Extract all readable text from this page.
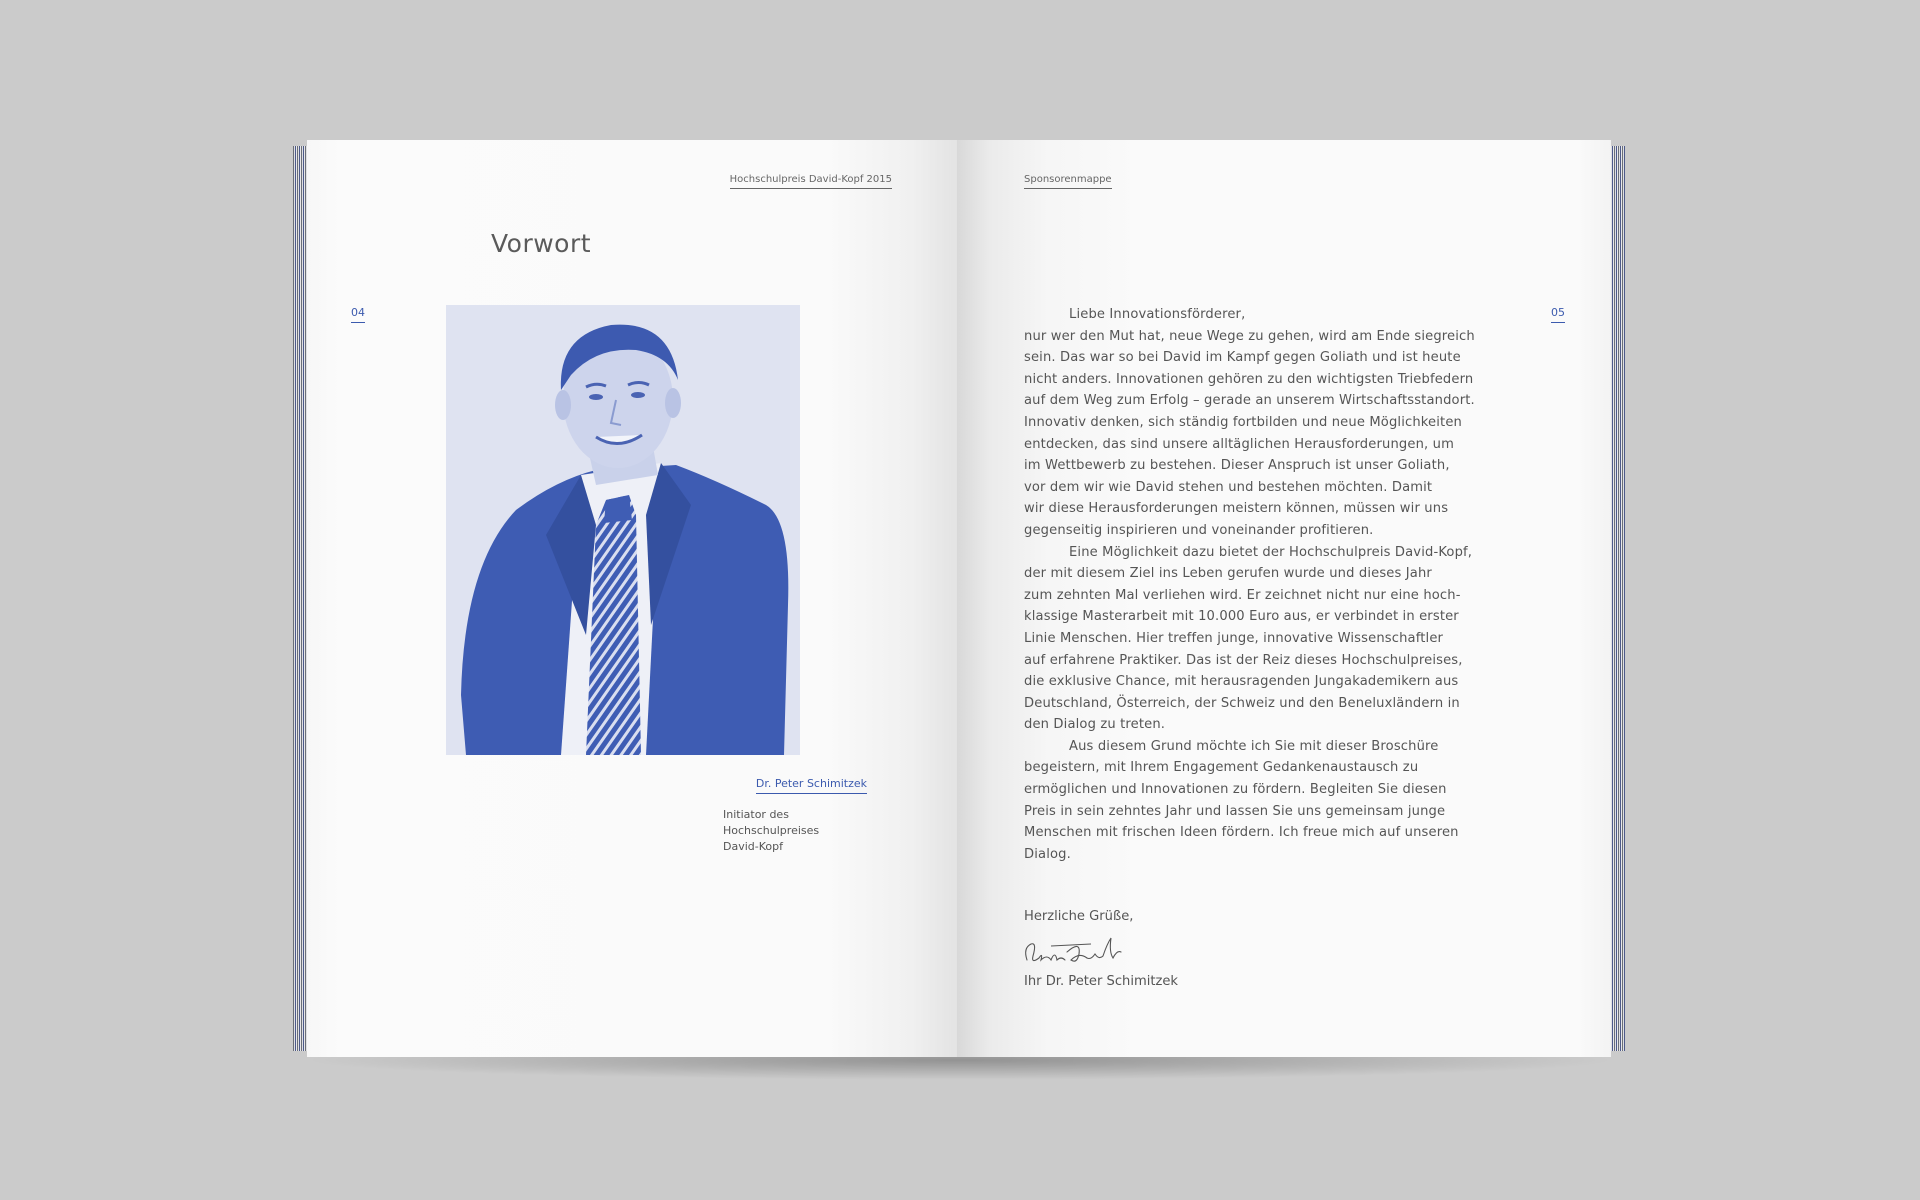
Hochschulpreis David-Kopf 2015
04
Vorwort
Dr. Peter Schimitzek
Initiator des
Hochschulpreises
David-Kopf
Sponsorenmappe
05
Liebe Innovationsförderer,
nur wer den Mut hat, neue Wege zu gehen, wird am Ende siegreich
sein. Das war so bei David im Kampf gegen Goliath und ist heute
nicht anders. Innovationen gehören zu den wichtigsten Triebfedern
auf dem Weg zum Erfolg – gerade an unserem Wirtschaftsstandort.
Innovativ denken, sich ständig fortbilden und neue Möglichkeiten
entdecken, das sind unsere alltäglichen Herausforderungen, um
im Wettbewerb zu bestehen. Dieser Anspruch ist unser Goliath,
vor dem wir wie David stehen und bestehen möchten. Damit
wir diese Herausforderungen meistern können, müssen wir uns
gegenseitig inspirieren und voneinander profitieren.
Eine Möglichkeit dazu bietet der Hochschulpreis David-Kopf,
der mit diesem Ziel ins Leben gerufen wurde und dieses Jahr
zum zehnten Mal verliehen wird. Er zeichnet nicht nur eine hoch-
klassige Masterarbeit mit 10.000 Euro aus, er verbindet in erster
Linie Menschen. Hier treffen junge, innovative Wissenschaftler
auf erfahrene Praktiker. Das ist der Reiz dieses Hochschulpreises,
die exklusive Chance, mit herausragenden Jungakademikern aus
Deutschland, Österreich, der Schweiz und den Beneluxländern in
den Dialog zu treten.
Aus diesem Grund möchte ich Sie mit dieser Broschüre
begeistern, mit Ihrem Engagement Gedankenaustausch zu
ermöglichen und Innovationen zu fördern. Begleiten Sie diesen
Preis in sein zehntes Jahr und lassen Sie uns gemeinsam junge
Menschen mit frischen Ideen fördern. Ich freue mich auf unseren
Dialog.
Herzliche Grüße,
Ihr Dr. Peter Schimitzek
